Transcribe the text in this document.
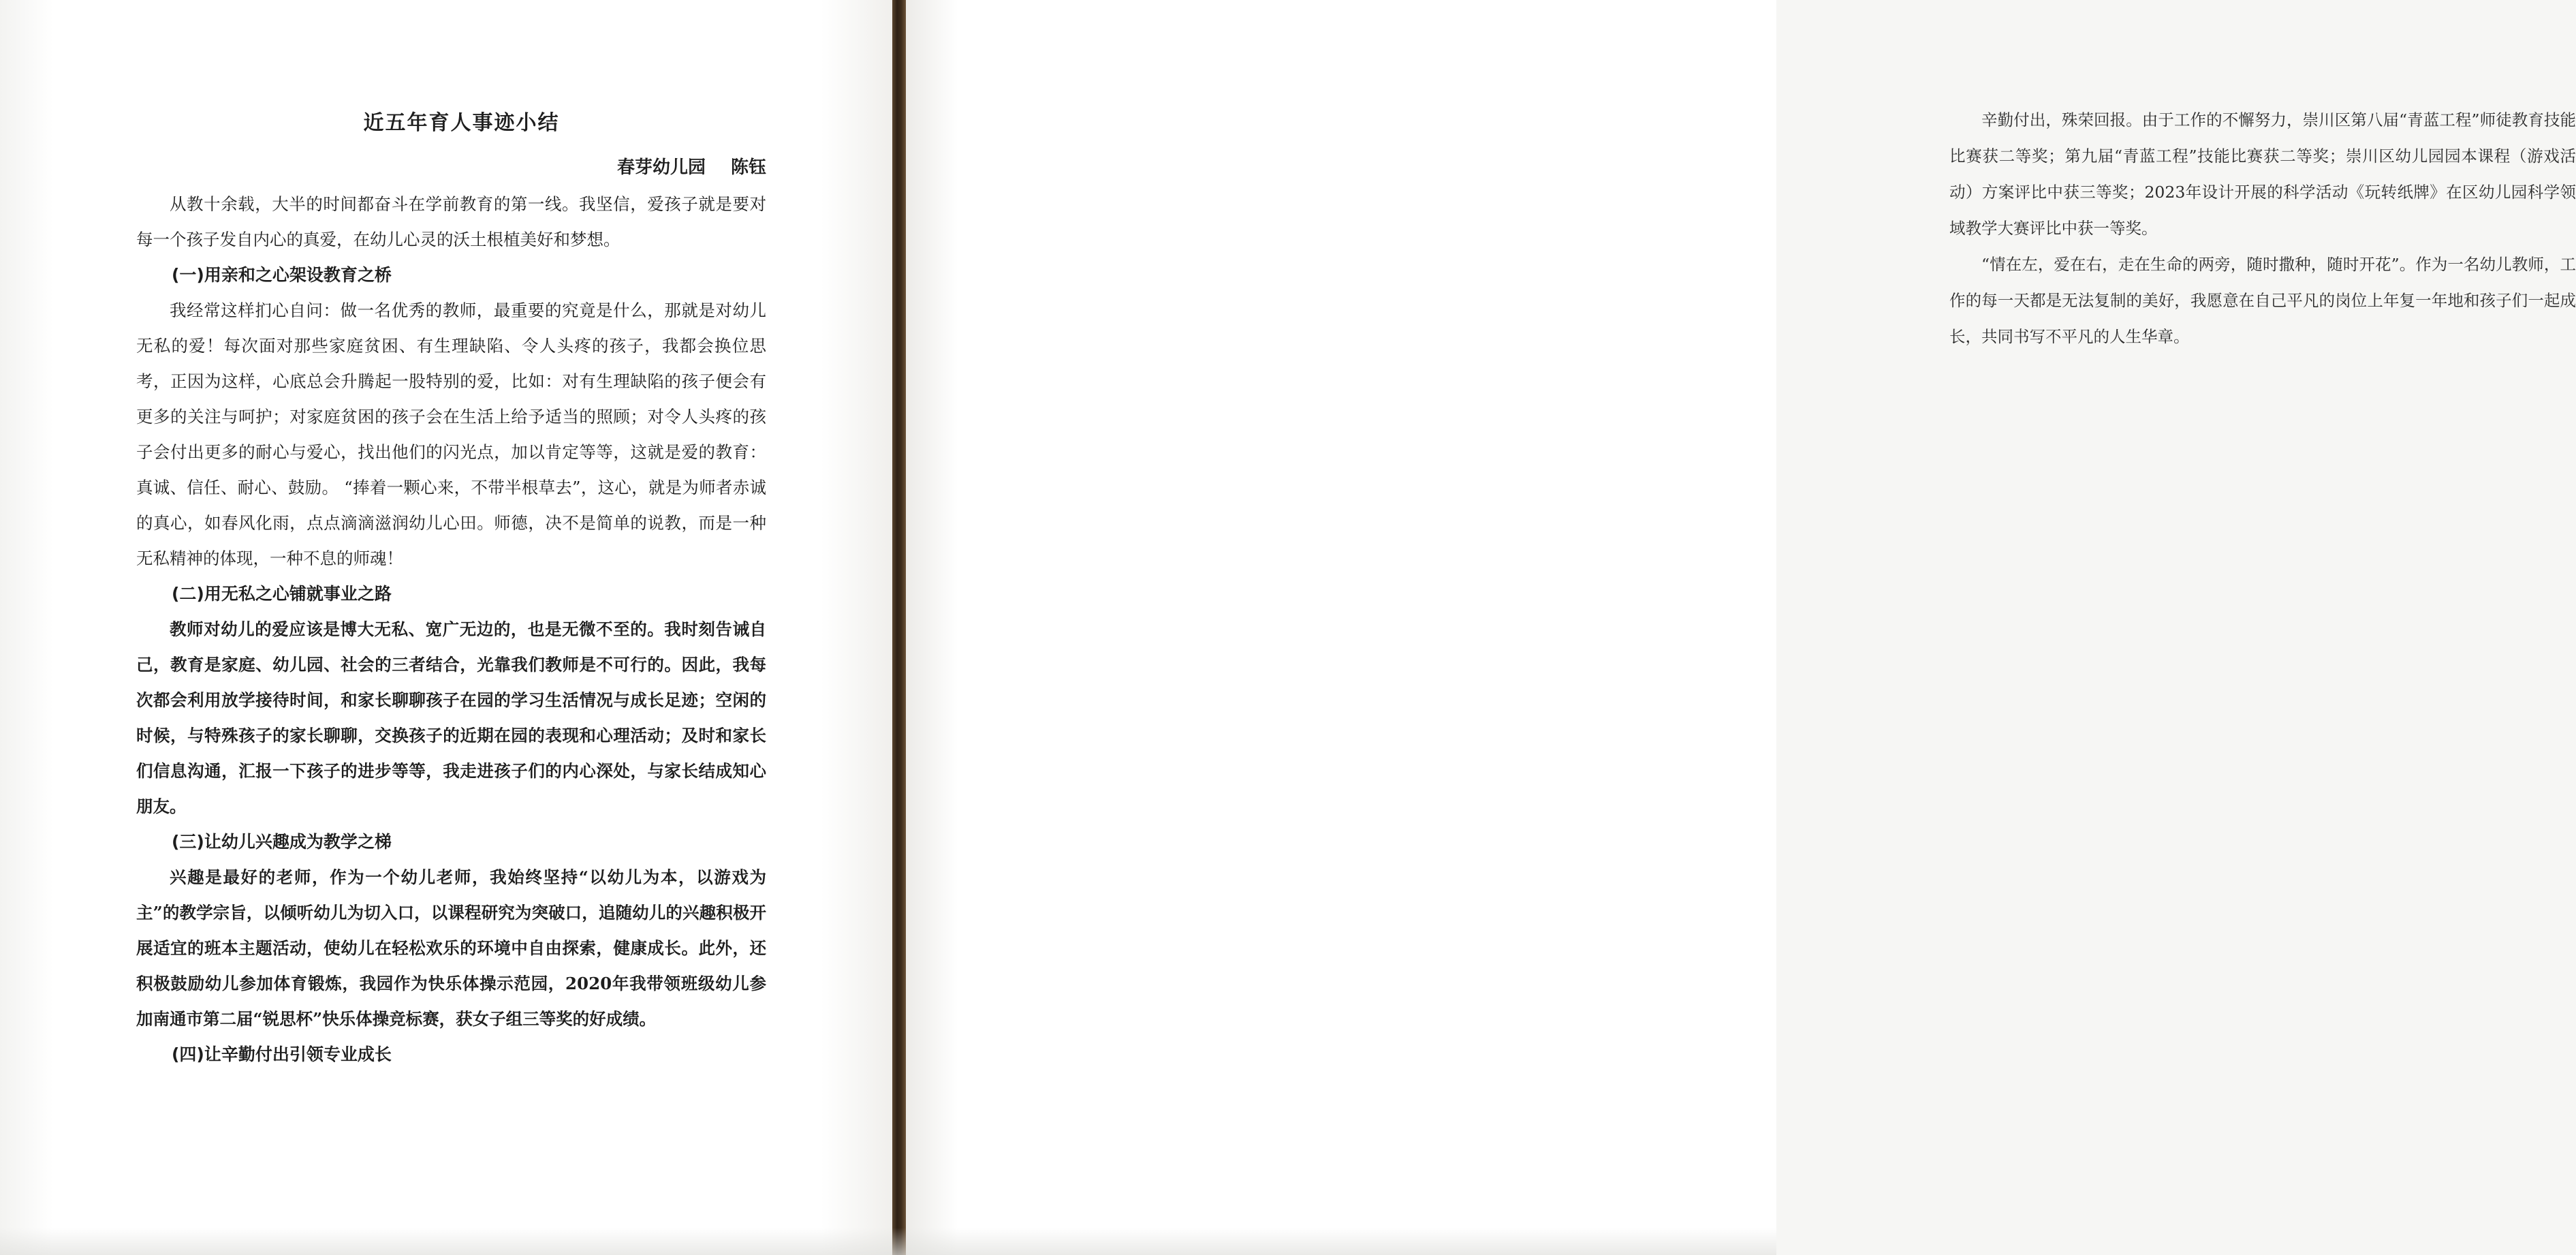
近五年育人事迹小结

春芽幼儿园 陈钰

从教十余载，大半的时间都奋斗在学前教育的第一线。我坚信，爱孩子就是要对每一个孩子发自内心的真爱，在幼儿心灵的沃土根植美好和梦想。

(一)用亲和之心架设教育之桥

我经常这样扪心自问：做一名优秀的教师，最重要的究竟是什么，那就是对幼儿无私的爱！每次面对那些家庭贫困、有生理缺陷、令人头疼的孩子，我都会换位思考，正因为这样，心底总会升腾起一股特别的爱，比如：对有生理缺陷的孩子便会有更多的关注与呵护；对家庭贫困的孩子会在生活上给予适当的照顾；对令人头疼的孩子会付出更多的耐心与爱心，找出他们的闪光点，加以肯定等等，这就是爱的教育：真诚、信任、耐心、鼓励。 “捧着一颗心来，不带半根草去”，这心，就是为师者赤诚的真心，如春风化雨，点点滴滴滋润幼儿心田。师德，决不是简单的说教，而是一种无私精神的体现，一种不息的师魂！

(二)用无私之心铺就事业之路

教师对幼儿的爱应该是博大无私、宽广无边的，也是无微不至的。我时刻告诫自己，教育是家庭、幼儿园、社会的三者结合，光靠我们教师是不可行的。因此，我每次都会利用放学接待时间，和家长聊聊孩子在园的学习生活情况与成长足迹；空闲的时候，与特殊孩子的家长聊聊，交换孩子的近期在园的表现和心理活动；及时和家长们信息沟通，汇报一下孩子的进步等等，我走进孩子们的内心深处，与家长结成知心朋友。

(三)让幼儿兴趣成为教学之梯

兴趣是最好的老师，作为一个幼儿老师，我始终坚持“以幼儿为本，以游戏为主”的教学宗旨，以倾听幼儿为切入口，以课程研究为突破口，追随幼儿的兴趣积极开展适宜的班本主题活动，使幼儿在轻松欢乐的环境中自由探索，健康成长。此外，还积极鼓励幼儿参加体育锻炼，我园作为快乐体操示范园，2020年我带领班级幼儿参加南通市第二届“锐思杯”快乐体操竞标赛，获女子组三等奖的好成绩。

(四)让辛勤付出引领专业成长

辛勤付出，殊荣回报。由于工作的不懈努力，崇川区第八届“青蓝工程”师徒教育技能比赛获二等奖；第九届“青蓝工程”技能比赛获二等奖；崇川区幼儿园园本课程（游戏活动）方案评比中获三等奖；2023年设计开展的科学活动《玩转纸牌》在区幼儿园科学领域教学大赛评比中获一等奖。

“情在左，爱在右，走在生命的两旁，随时撒种，随时开花”。作为一名幼儿教师，工作的每一天都是无法复制的美好，我愿意在自己平凡的岗位上年复一年地和孩子们一起成长，共同书写不平凡的人生华章。
